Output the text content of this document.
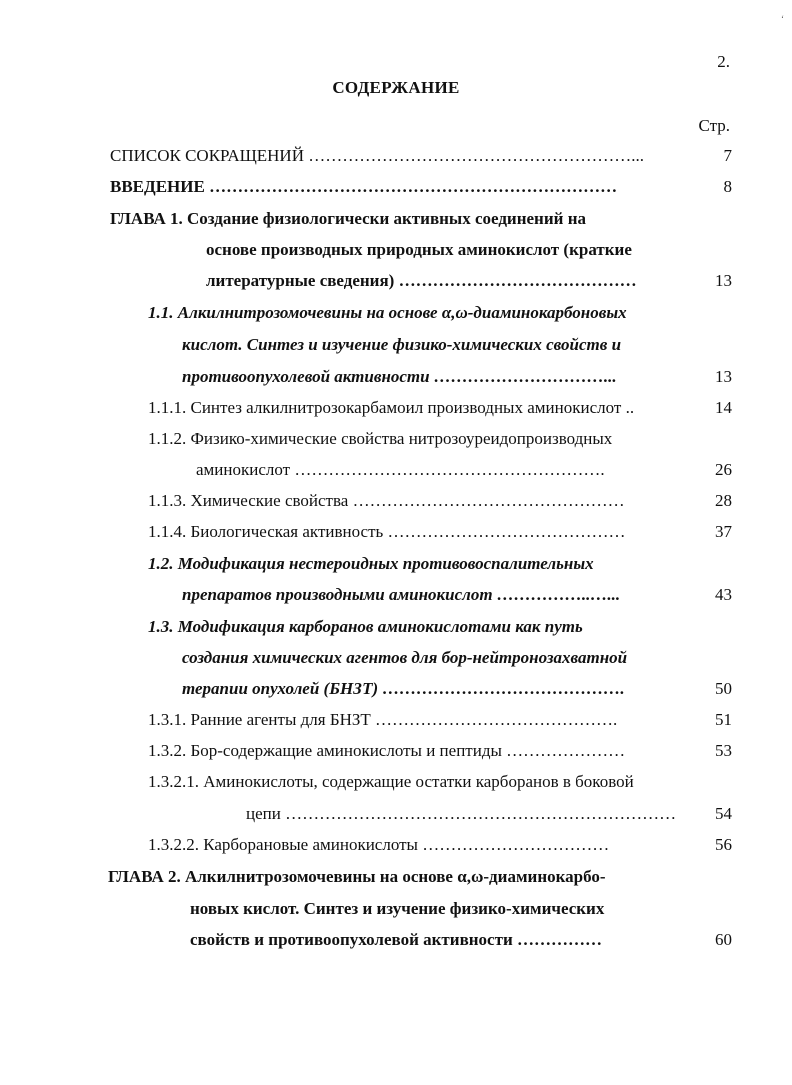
ʻ
2.
СОДЕРЖАНИЕ
Стр.
СПИСОК СОКРАЩЕНИЙ …………………………………………………...	7
ВВЕДЕНИЕ ………………………………………………………………	8
ГЛАВА 1. Создание физиологически активных соединений на
основе производных природных аминокислот (краткие
литературные сведения) ……………………………………	13
1.1. Алкилнитрозомочевины на основе α,ω-диаминокарбоновых
кислот. Синтез и изучение физико-химических свойств и
противоопухолевой активности …………………………...	13
1.1.1. Синтез алкилнитрозокарбамоил производных аминокислот ..	14
1.1.2. Физико-химические свойства нитрозоуреидопроизводных
аминокислот ……………………………………………….	26
1.1.3. Химические свойства …………………………………………	28
1.1.4. Биологическая активность ……………………………………	37
1.2. Модификация нестероидных противовоспалительных
препаратов производными аминокислот ……………..…...	43
1.3. Модификация карборанов аминокислотами как путь
создания химических агентов для бор-нейтронозахватной
терапии опухолей (БНЗТ) …………………………………….	50
1.3.1. Ранние агенты для БНЗТ …………………………………….	51
1.3.2. Бор-содержащие аминокислоты и пептиды …………………	53
1.3.2.1. Аминокислоты, содержащие остатки карборанов в боковой
цепи …………………………………………………………… 54
1.3.2.2. Карборановые аминокислоты ……………………………	56
ГЛАВА 2. Алкилнитрозомочевины на основе α,ω-диаминокарбо-
новых кислот. Синтез и изучение физико-химических
свойств и противоопухолевой активности ……………	60
